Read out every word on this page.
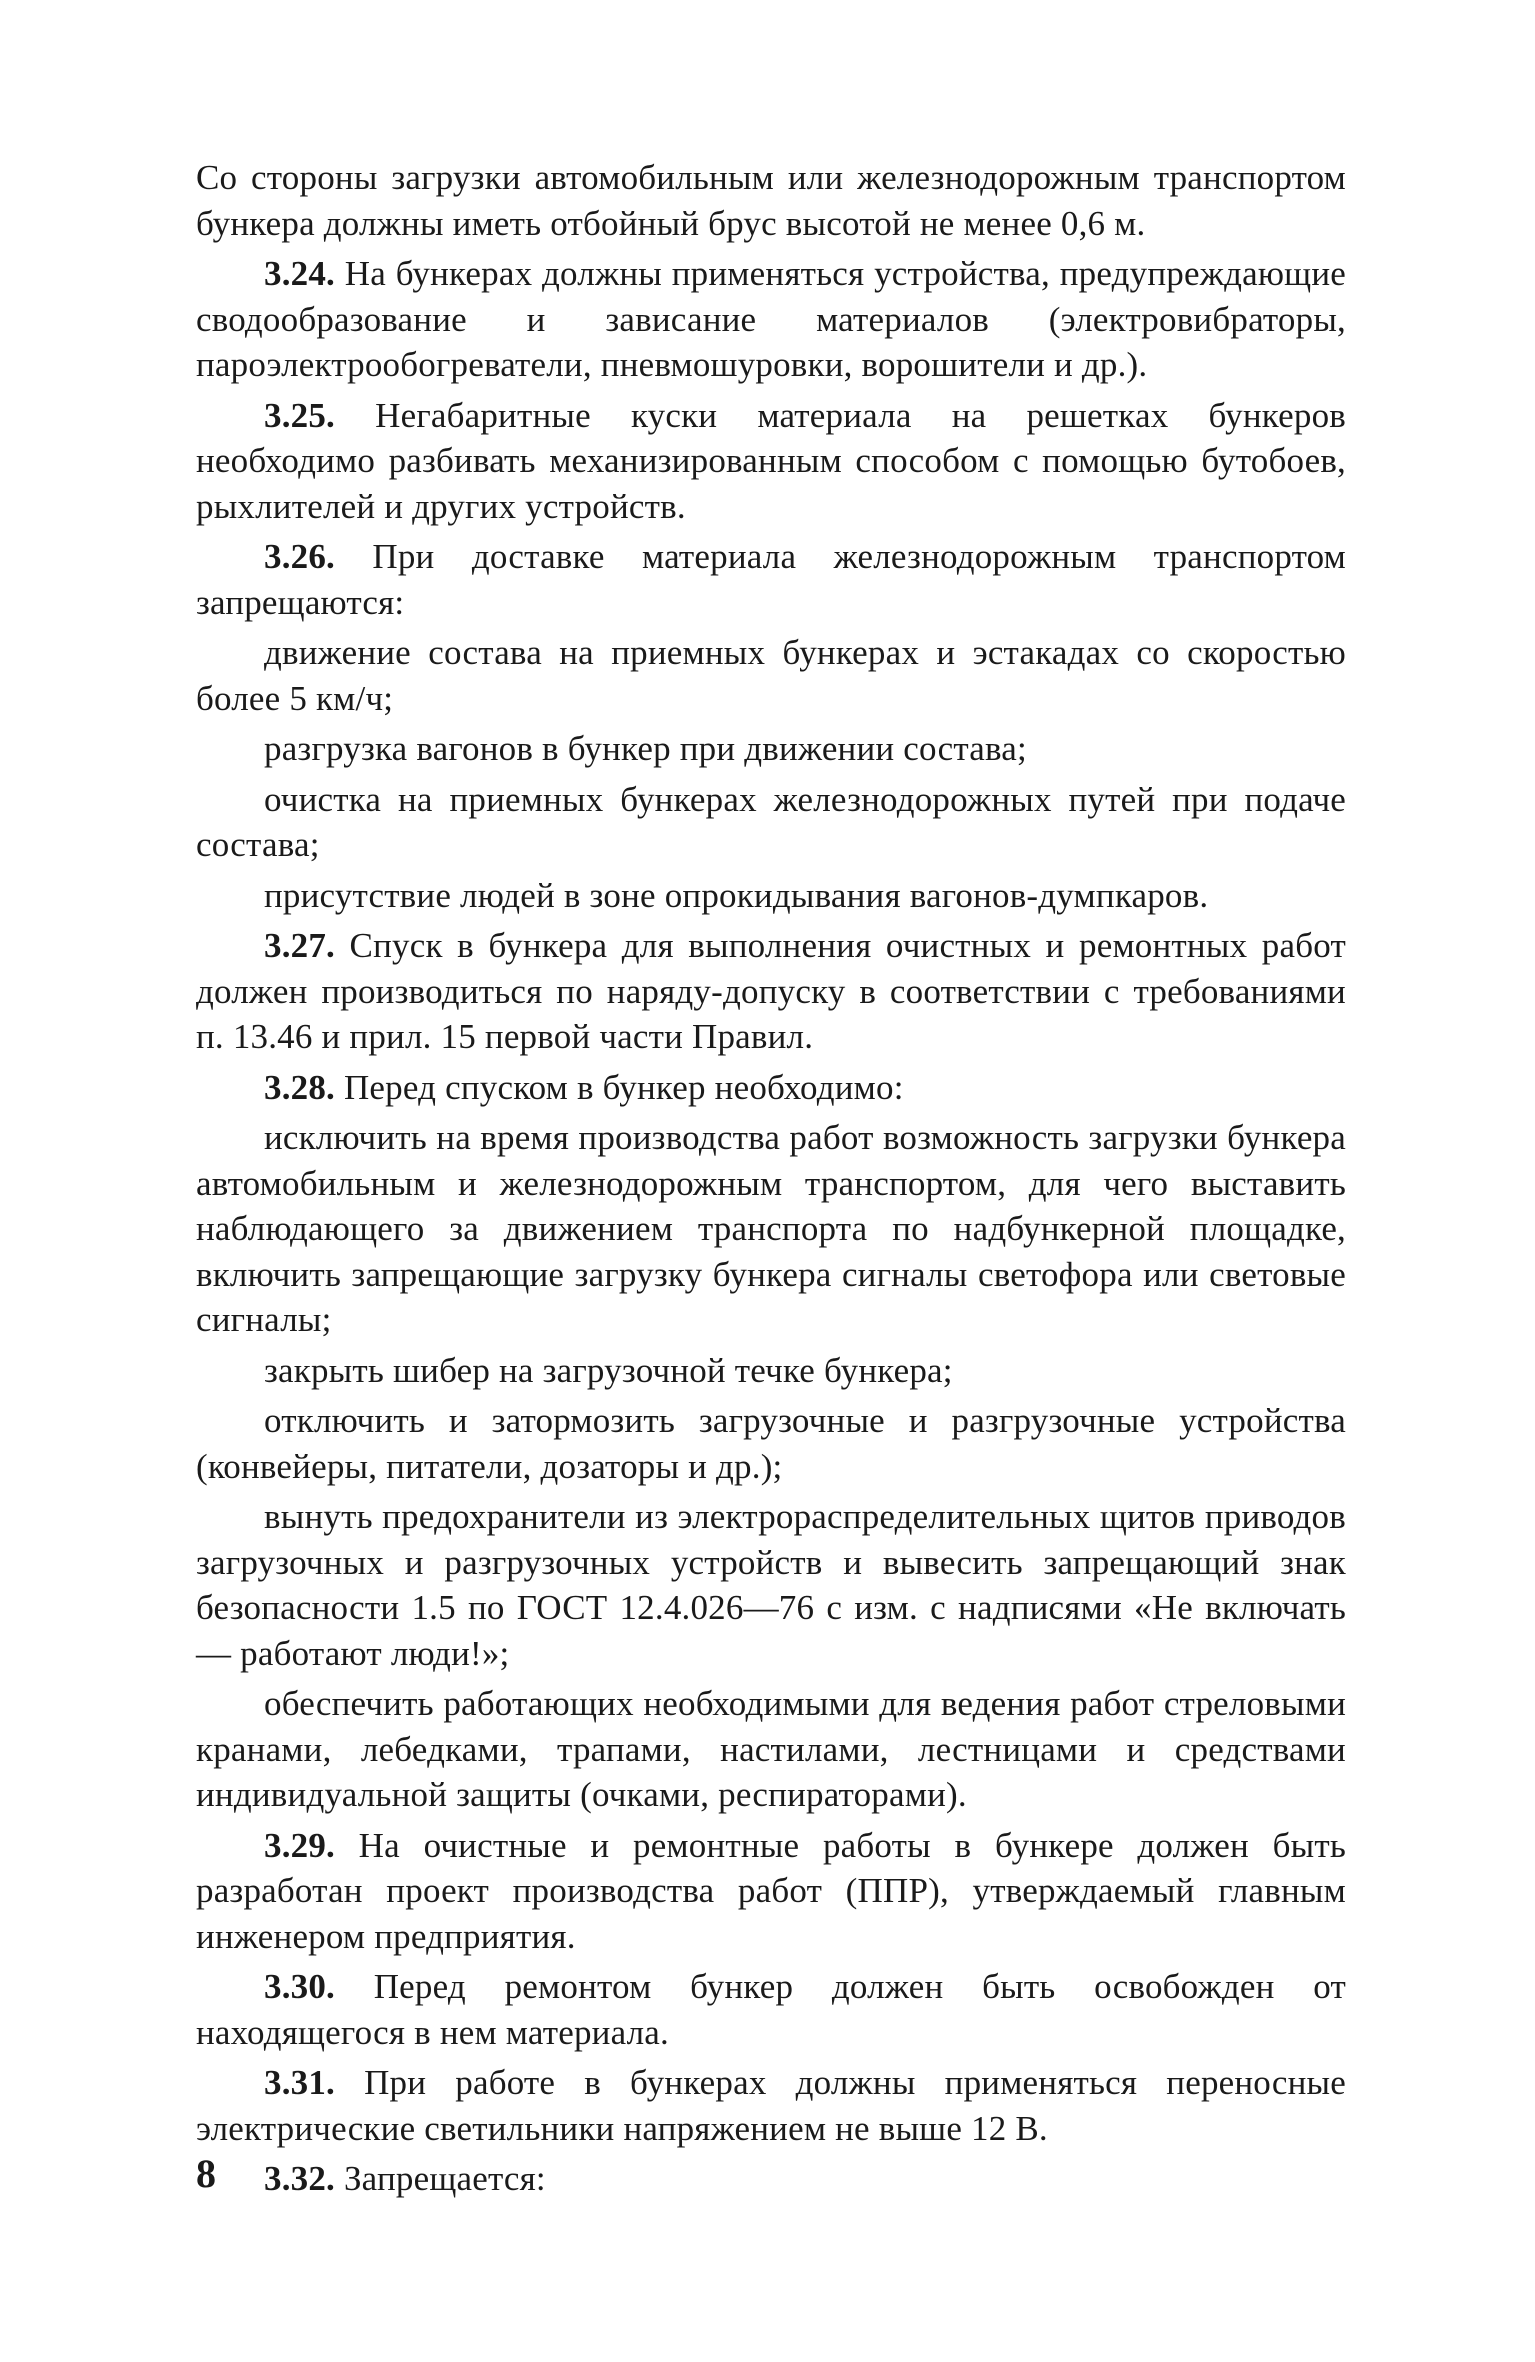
Со стороны загрузки автомобильным или железнодорожным транспортом бункера должны иметь отбойный брус высотой не менее 0,6 м.

3.24. На бункерах должны применяться устройства, предупреждающие сводообразование и зависание материалов (электровибраторы, пароэлектрообогреватели, пневмошуровки, ворошители и др.).

3.25. Негабаритные куски материала на решетках бункеров необходимо разбивать механизированным способом с помощью бутобоев, рыхлителей и других устройств.

3.26. При доставке материала железнодорожным транспортом запрещаются:

движение состава на приемных бункерах и эстакадах со скоростью более 5 км/ч;

разгрузка вагонов в бункер при движении состава;

очистка на приемных бункерах железнодорожных путей при подаче состава;

присутствие людей в зоне опрокидывания вагонов-думпкаров.

3.27. Спуск в бункера для выполнения очистных и ремонтных работ должен производиться по наряду-допуску в соответствии с требованиями п. 13.46 и прил. 15 первой части Правил.

3.28. Перед спуском в бункер необходимо:

исключить на время производства работ возможность загрузки бункера автомобильным и железнодорожным транспортом, для чего выставить наблюдающего за движением транспорта по надбункерной площадке, включить запрещающие загрузку бункера сигналы светофора или световые сигналы;

закрыть шибер на загрузочной течке бункера;

отключить и затормозить загрузочные и разгрузочные устройства (конвейеры, питатели, дозаторы и др.);

вынуть предохранители из электрораспределительных щитов приводов загрузочных и разгрузочных устройств и вывесить запрещающий знак безопасности 1.5 по ГОСТ 12.4.026—76 с изм. с надписями «Не включать — работают люди!»;

обеспечить работающих необходимыми для ведения работ стреловыми кранами, лебедками, трапами, настилами, лестницами и средствами индивидуальной защиты (очками, респираторами).

3.29. На очистные и ремонтные работы в бункере должен быть разработан проект производства работ (ППР), утверждаемый главным инженером предприятия.

3.30. Перед ремонтом бункер должен быть освобожден от находящегося в нем материала.

3.31. При работе в бункерах должны применяться переносные электрические светильники напряжением не выше 12 В.

3.32. Запрещается:

8
